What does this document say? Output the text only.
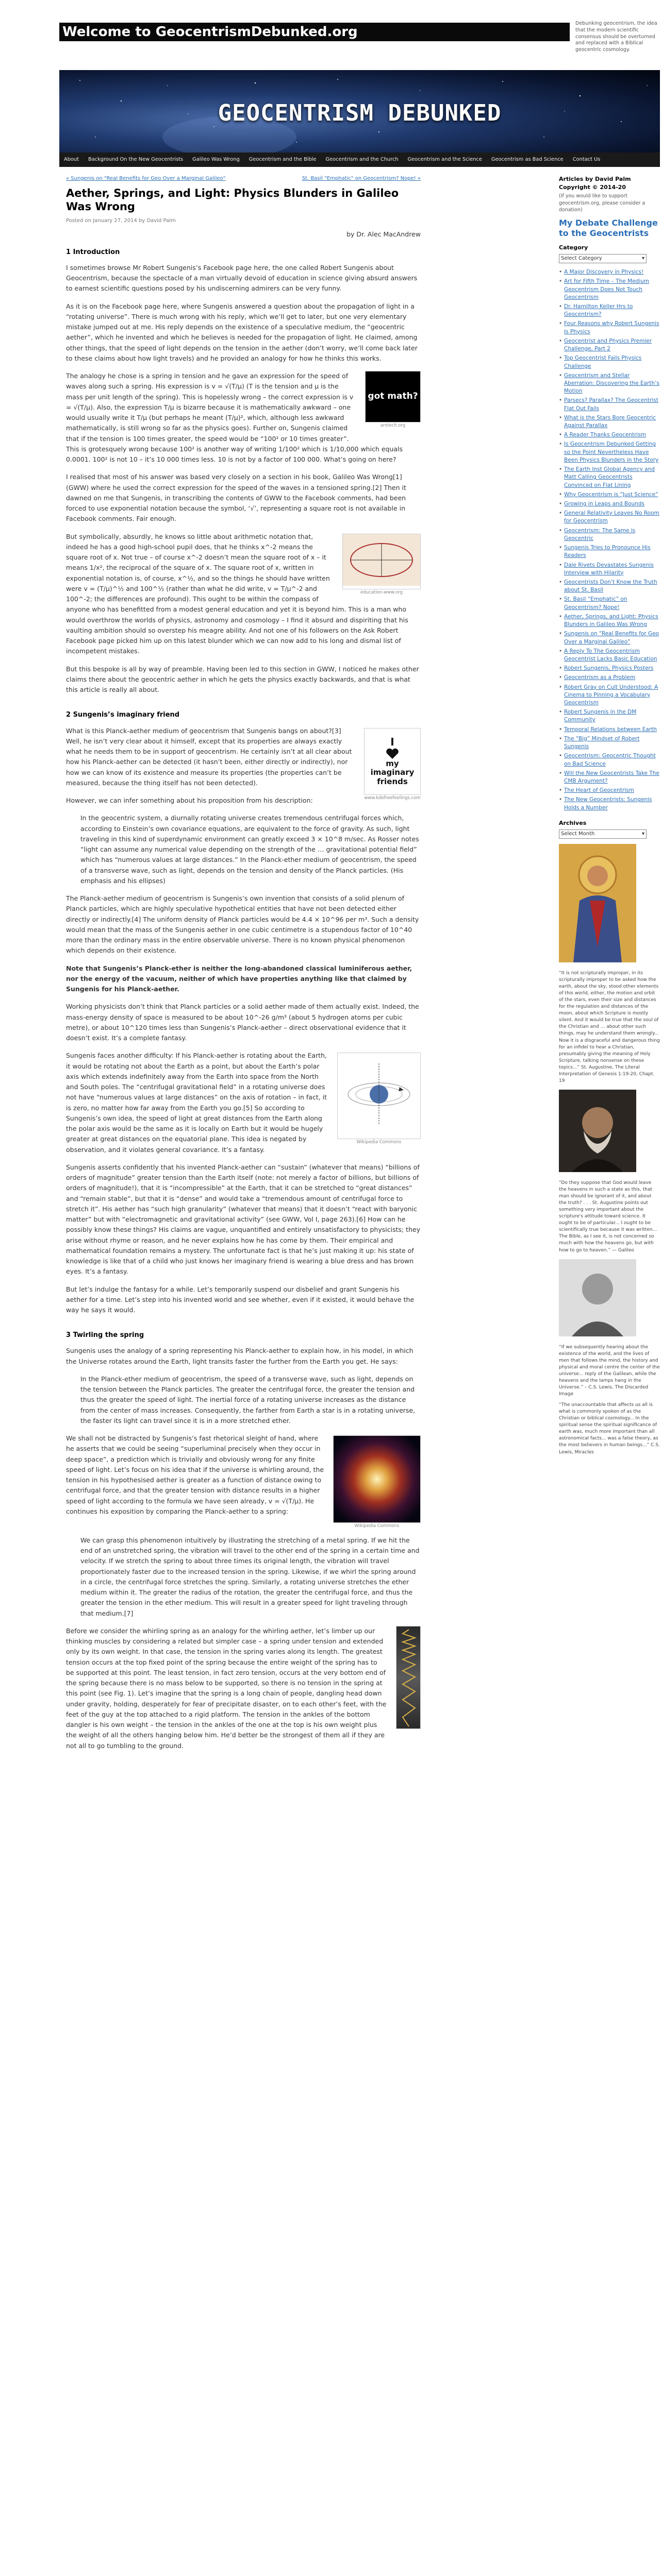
Welcome to GeocentrismDebunked.org
Debunking geocentrism, the idea that the modern scientific consensus should be overturned and replaced with a Biblical geocentric cosmology.
GEOCENTRISM DEBUNKED
About	Background On the New Geocentrists	Galileo Was Wrong	Geocentrism and the Bible	Geocentrism and the Church	Geocentrism and the Science	Geocentrism as Bad Science	Contact Us
« Sungenis on "Real Benefits for Geo Over a Marginal Galileo"	St. Basil "Emphatic" on Geocentrism? Nope! »
Aether, Springs, and Light: Physics Blunders in Galileo Was Wrong
Posted on January 27, 2014 by David Palm
by Dr. Alec MacAndrew
1 Introduction

I sometimes browse Mr Robert Sungenis’s Facebook page here, the one called Robert Sungenis about Geocentrism, because the spectacle of a man virtually devoid of education in science giving absurd answers to earnest scientific questions posed by his undiscerning admirers can be very funny.

As it is on the Facebook page here, where Sungenis answered a question about the propagation of light in a “rotating universe”. There is much wrong with his reply, which we’ll get to later, but one very elementary mistake jumped out at me. His reply depends on the existence of a speculative medium, the “geocentric aether”, which he invented and which he believes is needed for the propagation of light. He claimed, among other things, that the speed of light depends on the tension in the aether (don’t worry, we’ll come back later to these claims about how light travels) and he provided an analogy for how he thinks this works.

got math?
arstech.org

The analogy he chose is a spring in tension and he gave an expression for the speed of waves along such a spring. His expression is v = √(T/μ) (T is the tension and μ is the mass per unit length of the spring). This is hopelessly wrong – the correct expression is v = √(T/μ). Also, the expression T/μ is bizarre because it is mathematically awkward – one would usually write it T/μ (but perhaps he meant (T/μ)², which, although less awkward mathematically, is still wrong so far as the physics goes). Further on, Sungenis claimed that if the tension is 100 times greater, the speed would be “100² or 10 times greater”. This is grotesquely wrong because 100² is another way of writing 1/100² which is 1/10,000 which equals 0.0001. 100² is not 10 – it’s 10 000 times less. 10 is not by a factor of 100 000. What’s going on here?

I realised that most of his answer was based very closely on a section in his book, Galileo Was Wrong[1] (GWW) where he used the correct expression for the speed of the waves in a tensioned spring.[2] Then it dawned on me that Sungenis, in transcribing the contents of GWW to the Facebook comments, had been forced to use exponential notation because the symbol, ‘√’, representing a square root is not available in Facebook comments. Fair enough.

education-www.org

But symbolically, absurdly, he knows so little about arithmetic notation that, indeed he has a good high-school pupil does, that he thinks x^-2 means the square root of x. Not true – of course x^-2 doesn’t mean the square root of x – it means 1/x², the reciprocal of the square of x. The square root of x, written in exponential notation is, of course, x^½, and so the things he should have written were v = (T/μ)^½ and 100^½ (rather than what he did write, v = T/μ^-2 and 100^-2; the differences are profound). This ought to be within the compass of anyone who has benefitted from a modest general education and yet it is beyond him. This is a man who would overthrow the worlds of physics, astronomy and cosmology – I find it absurd and dispiriting that his vaulting ambition should so overstep his meagre ability. And not one of his followers on the Ask Robert Facebook page picked him up on this latest blunder which we can now add to his long and dismal list of incompetent mistakes.

But this bespoke is all by way of preamble. Having been led to this section in GWW, I noticed he makes other claims there about the geocentric aether in which he gets the physics exactly backwards, and that is what this article is really all about.

2 Sungenis’s imaginary friend
I
my
imaginary
friends
www.kdefreefeelings.com

What is this Planck-aether medium of geocentrism that Sungenis bangs on about?[3] Well, he isn’t very clear about it himself, except that its properties are always exactly what he needs them to be in support of geocentrism. He certainly isn’t at all clear about how his Planck-aether can be detected (it hasn’t been, either directly or indirectly), nor how we can know of its existence and measure its properties (the properties can’t be measured, because the thing itself has not been detected).

However, we can infer something about his proposition from his description:

In the geocentric system, a diurnally rotating universe creates tremendous centrifugal forces which, according to Einstein’s own covariance equations, are equivalent to the force of gravity. As such, light traveling in this kind of superdynamic environment can greatly exceed 3 × 10^8 m/sec. As Rosser notes “light can assume any numerical value depending on the strength of the … gravitational potential field” which has “numerous values at large distances.” In the Planck-ether medium of geocentrism, the speed of a transverse wave, such as light, depends on the tension and density of the Planck particles. (His emphasis and his ellipses)

The Planck-aether medium of geocentrism is Sungenis’s own invention that consists of a solid plenum of Planck particles, which are highly speculative hypothetical entities that have not been detected either directly or indirectly.[4] The uniform density of Planck particles would be 4.4 × 10^96 per m³. Such a density would mean that the mass of the Sungenis aether in one cubic centimetre is a stupendous factor of 10^40 more than the ordinary mass in the entire observable universe. There is no known physical phenomenon which depends on their existence.

Note that Sungenis’s Planck-ether is neither the long-abandoned classical luminiferous aether, nor the energy of the vacuum, neither of which have properties anything like that claimed by Sungenis for his Planck-aether.

Working physicists don’t think that Planck particles or a solid aether made of them actually exist. Indeed, the mass-energy density of space is measured to be about 10^-26 g/m³ (about 5 hydrogen atoms per cubic metre), or about 10^120 times less than Sungenis’s Planck-aether – direct observational evidence that it doesn’t exist. It’s a complete fantasy.

Wikipedia Commons

Sungenis faces another difficulty: If his Planck-aether is rotating about the Earth, it would be rotating not about the Earth as a point, but about the Earth’s polar axis which extends indefinitely away from the Earth into space from the North and South poles. The “centrifugal gravitational field” in a rotating universe does not have “numerous values at large distances” on the axis of rotation – in fact, it is zero, no matter how far away from the Earth you go.[5] So according to Sungenis’s own idea, the speed of light at great distances from the Earth along the polar axis would be the same as it is locally on Earth but it would be hugely greater at great distances on the equatorial plane. This idea is negated by observation, and it violates general covariance. It’s a fantasy.

Sungenis asserts confidently that his invented Planck-aether can “sustain” (whatever that means) “billions of orders of magnitude” greater tension than the Earth itself (note: not merely a factor of billions, but billions of orders of magnitude!), that it is “incompressible” at the Earth, that it can be stretched to “great distances” and “remain stable”, but that it is “dense” and would take a “tremendous amount of centrifugal force to stretch it”. His aether has “such high granularity” (whatever that means) that it doesn’t “react with baryonic matter” but with “electromagnetic and gravitational activity” (see GWW, Vol I, page 263).[6] How can he possibly know these things? His claims are vague, unquantified and entirely unsatisfactory to physicists; they arise without rhyme or reason, and he never explains how he has come by them. Their empirical and mathematical foundation remains a mystery. The unfortunate fact is that he’s just making it up: his state of knowledge is like that of a child who just knows her imaginary friend is wearing a blue dress and has brown eyes. It’s a fantasy.

But let’s indulge the fantasy for a while. Let’s temporarily suspend our disbelief and grant Sungenis his aether for a time. Let’s step into his invented world and see whether, even if it existed, it would behave the way he says it would.

3 Twirling the spring

Sungenis uses the analogy of a spring representing his Planck-aether to explain how, in his model, in which the Universe rotates around the Earth, light transits faster the further from the Earth you get. He says:

In the Planck-ether medium of geocentrism, the speed of a transverse wave, such as light, depends on the tension between the Planck particles. The greater the centrifugal force, the greater the tension and thus the greater the speed of light. The inertial force of a rotating universe increases as the distance from the center of mass increases. Consequently, the farther from Earth a star is in a rotating universe, the faster its light can travel since it is in a more stretched ether.
Wikipedia Commons

We shall not be distracted by Sungenis’s fast rhetorical sleight of hand, where he asserts that we could be seeing “superluminal precisely when they occur in deep space”, a prediction which is trivially and obviously wrong for any finite speed of light. Let’s focus on his idea that if the universe is whirling around, the tension in his hypothesised aether is greater as a function of distance owing to centrifugal force, and that the greater tension with distance results in a higher speed of light according to the formula we have seen already, v = √(T/μ). He continues his exposition by comparing the Planck-aether to a spring:

We can grasp this phenomenon intuitively by illustrating the stretching of a metal spring. If we hit the end of an unstretched spring, the vibration will travel to the other end of the spring in a certain time and velocity. If we stretch the spring to about three times its original length, the vibration will travel proportionately faster due to the increased tension in the spring. Likewise, if we whirl the spring around in a circle, the centrifugal force stretches the spring. Similarly, a rotating universe stretches the ether medium within it. The greater the radius of the rotation, the greater the centrifugal force, and thus the greater the tension in the ether medium. This will result in a greater speed for light traveling through that medium.[7]

Before we consider the whirling spring as an analogy for the whirling aether, let’s limber up our thinking muscles by considering a related but simpler case – a spring under tension and extended only by its own weight. In that case, the tension in the spring varies along its length. The greatest tension occurs at the top fixed point of the spring because the entire weight of the spring has to be supported at this point. The least tension, in fact zero tension, occurs at the very bottom end of the spring because there is no mass below to be supported, so there is no tension in the spring at this point (see Fig. 1). Let’s imagine that the spring is a long chain of people, dangling head down under gravity, holding, desperately for fear of precipitate disaster, on to each other’s feet, with the feet of the guy at the top attached to a rigid platform. The tension in the ankles of the bottom dangler is his own weight – the tension in the ankles of the one at the top is his own weight plus the weight of all the others hanging below him. He’d better be the strongest of them all if they are not all to go tumbling to the ground.

Articles by David Palm
Copyright © 2014-20
(If you would like to support geocentrism.org, please consider a donation)
My Debate Challenge to the Geocentrists
Category
Select Category	▾
• A Major Discovery in Physics!
• Art for Fifth Time – The Medium Geocentrism Does Not Touch Geocentrism
• Dr. Hamilton Keller Hrs to Geocentrism?
• Four Reasons why Robert Sungenis Is Physics
• Geocentrist and Physics Premier Challenge, Part 2
• Top Geocentrist Fails Physics Challenge
• Geocentrism and Stellar Aberration: Discovering the Earth’s Motion
• Parsecs? Parallax? The Geocentrist Flat Out Fails
• What is the Stars Bore Geocentric Against Parallax
• A Reader Thanks Geocentrism
• Is Geocentrism Debunked Getting so the Point Nevertheless Have Been Physics Blunders in the Story
• The Earth Inst Global Agency and Matt Calling Geocentrists Convinced on Flat Lining
• Why Geocentrism is “Just Science”
• Growing in Leaps and Bounds
• General Relativity Leaves No Room for Geocentrism
• Geocentrism: The Same is Geocentric
• Sungenis Tries to Pronounce His Readers
• Dale Rivets Devastates Sungenis Interview with Hilarity
• Geocentrists Don’t Know the Truth about St. Basil
• St. Basil “Emphatic” on Geocentrism? Nope!
• Aether, Springs, and Light: Physics Blunders in Galileo Was Wrong
• Sungenis on “Real Benefits for Geo Over a Marginal Galileo”
• A Reply To The Geocentrism Geocentrist Lacks Basic Education
• Robert Sungenis, Physics Posters
• Geocentrism as a Problem
• Robert Gray on Cult Understood: A Cinema to Pinning a Vocabulary Geocentrism
• Robert Sungenis in the DM Community
• Temporal Relations between Earth
• The “Big” Mindset of Robert Sungenis
• Geocentrism: Geocentric Thought on Bad Science
• Will the New Geocentrists Take The CMB Argument?
• The Heart of Geocentrism
• The New Geocentrists: Sungenis Holds a Number
Archives
Select Month	▾
“It is not scripturally improper, in its scripturally improper to be asked how the earth, about the sky, stood other elements of this world, either, the motion and orbit of the stars, even their size and distances for the regulation and distances of the moon, about which Scripture is mostly silent. And it would be true that the soul of the Christian and … about other such things, may he understand them wrongly... Now it is a disgraceful and dangerous thing for an infidel to hear a Christian, presumably giving the meaning of Holy Scripture, talking nonsense on these topics...” St. Augustine, The Literal Interpretation of Genesis 1:19-20, Chapt. 19
“Do they suppose that God would leave the heavens in such a state as this, that man should be ignorant of it, and about the truth? . . . St. Augustine points out something very important about the scripture's attitude toward science. It ought to be of particular... I ought to be scientifically true because it was written... The Bible, as I see it, is not concerned so much with how the heavens go, but with how to go to heaven.” — Galileo
“If we subsequently hearing about the existence of the world, and the lives of men that follows the mind, the history and physical and moral centre the center of the universe... reply of the Galilean, while the heavens and the lamps hang in the Universe.” – C.S. Lewis, The Discarded Image
“The unaccountable that affects us all is what is commonly spoken of as the Christian or biblical cosmology... In the spiritual sense the spiritual significance of earth was, much more important than all astronomical facts... was a false theory, as the most believers in human beings...” C.S. Lewis, Miracles
